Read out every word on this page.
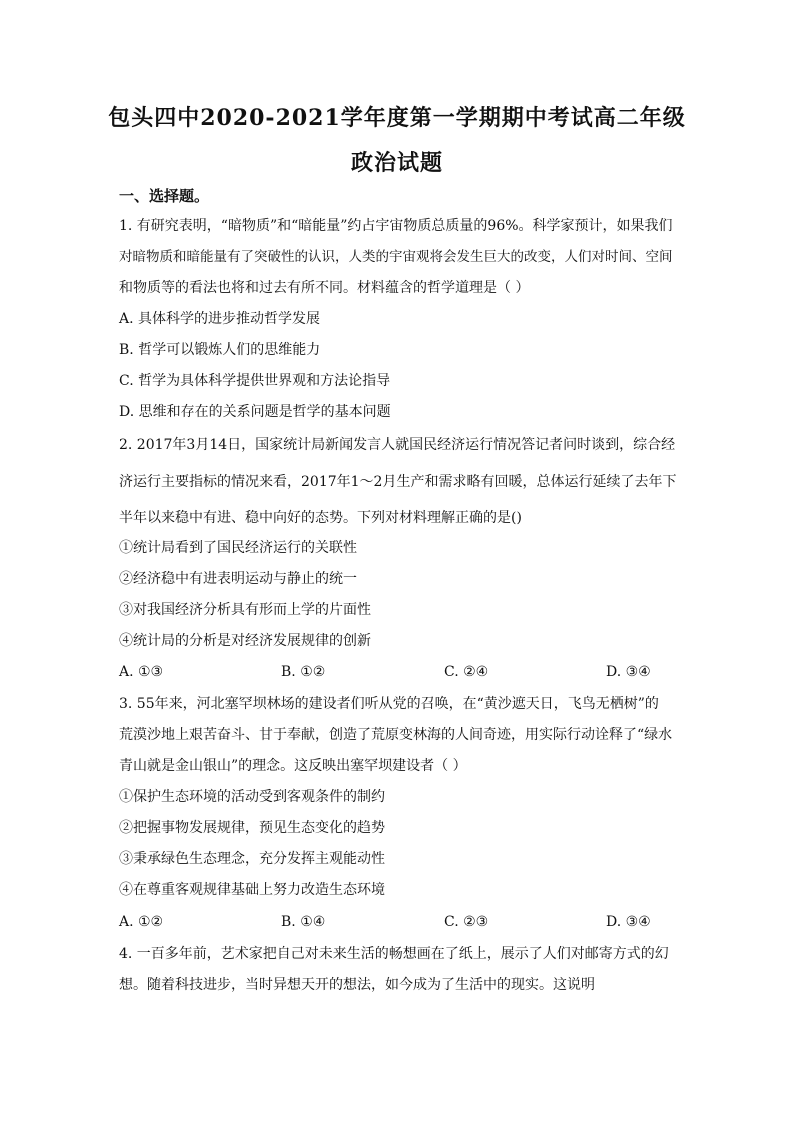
包头四中2020-2021学年度第一学期期中考试高二年级
政治试题
一、选择题。
1. 有研究表明，“暗物质”和“暗能量”约占宇宙物质总质量的96%。科学家预计，如果我们
对暗物质和暗能量有了突破性的认识，人类的宇宙观将会发生巨大的改变，人们对时间、空间
和物质等的看法也将和过去有所不同。材料蕴含的哲学道理是（ ）
A. 具体科学的进步推动哲学发展
B. 哲学可以锻炼人们的思维能力
C. 哲学为具体科学提供世界观和方法论指导
D. 思维和存在的关系问题是哲学的基本问题
2. 2017年3月14日，国家统计局新闻发言人就国民经济运行情况答记者问时谈到，综合经
济运行主要指标的情况来看，2017年1～2月生产和需求略有回暖，总体运行延续了去年下
半年以来稳中有进、稳中向好的态势。下列对材料理解正确的是()
①统计局看到了国民经济运行的关联性
②经济稳中有进表明运动与静止的统一
③对我国经济分析具有形而上学的片面性
④统计局的分析是对经济发展规律的创新
A. ①③	B. ①②	C. ②④	D. ③④
3. 55年来，河北塞罕坝林场的建设者们听从党的召唤，在“黄沙遮天日，飞鸟无栖树”的
荒漠沙地上艰苦奋斗、甘于奉献，创造了荒原变林海的人间奇迹，用实际行动诠释了“绿水
青山就是金山银山”的理念。这反映出塞罕坝建设者（ ）
①保护生态环境的活动受到客观条件的制约
②把握事物发展规律，预见生态变化的趋势
③秉承绿色生态理念，充分发挥主观能动性
④在尊重客观规律基础上努力改造生态环境
A. ①②	B. ①④	C. ②③	D. ③④
4. 一百多年前，艺术家把自己对未来生活的畅想画在了纸上，展示了人们对邮寄方式的幻
想。随着科技进步，当时异想天开的想法，如今成为了生活中的现实。这说明
